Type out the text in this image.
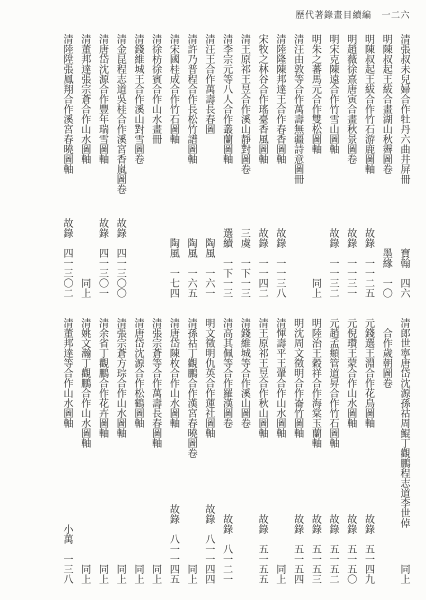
歷代著錄畫目續編 一二六
清張叔未兒婦合作牡丹六曲井屏冊
寶翰　四六
明陳叔起王紱合畫湖山秋霽圖卷
墨緣　一〇
明陳叔起王紱合作竹石游鹿圖軸
故錄　一一二五
明趙薇徐熹唐寅合畫秋景圖卷
故錄　一一三一
明宋克陳遠合作竹雪山圖軸
故錄　一一三二
明朱之蕃馬元合作雙松圖軸
同上
清汪由敦等合作萬壽無疆詩意圖冊
清陸隆陳邦達王合作春香圖軸
故錄　一一三八
宋牧之林谷合作瑤臺香風圖軸
故錄　一一四二
清王原祁王昱合作溪山靜對圖卷
三虞　一下一三
清李宗元等八人合作叢蘭圖軸
選續　一下一三
清汪王合作萬壽長春圖
陶風　一六一
清許乃普程合作長松竹譜圖軸
陶風　一六五
清宋國桂成合作竹石圖軸
陶風　一七四
清徐枋徐賓合作山水畫冊
清錢維城王合作溪山對雪圖卷
清金昆程志道吳桂合作溪宮香嵐圖卷
故錄　四一三〇〇
清唐岱沈源合作豐年瑞雪圖軸
故錄　四一三〇一
清董邦達張宗蒼合作山水圖軸
同上
清陸陞張鳳翔合作溪宮春曉圖軸
故錄　四一三〇二
清郎世寧唐岱沈源孫祜周鯤丁觀鵬程志道李世倬
同上
合作歲朝圖卷
元錢選王淵合作花鳥圖軸
故錄　五一四九
元倪瓚王蒙合作山水圖軸
故錄　五一五〇
元趙孟頫管道昇合作竹石圖軸
故錄　五一五二
明陸治王穀祥合作海棠玉蘭軸
故錄　五一五三
明沈周文徵明合作崙竹圖軸
故錄　五一五四
清惲壽平王翬合作山水圖軸
同上
清王原祁王昱合作秋山圖軸
故錄　五一五五
清錢維城等合作溪山圖卷
清高其佩等合作羅漢圖卷
故錄　八一二一
明文徵明仇英合作蓮社圖軸
故錄　八一一四四
清孫祜丁觀鵬合作漢宮春曉圖卷
同上
清唐岱陳枚合作山水圖軸
故錄　八一一四五
清張宗蒼等合作萬壽長春圖軸
同上
清唐岱沈源合作松鶴圖軸
同上
清張宗蒼方琮合作山水圖軸
同上
清余省丁觀鵬合作花卉圖軸
同上
清姚文瀚丁觀鵬合作山水圖軸
同上
清董邦達等合作山水圖軸
小萬　一三八
